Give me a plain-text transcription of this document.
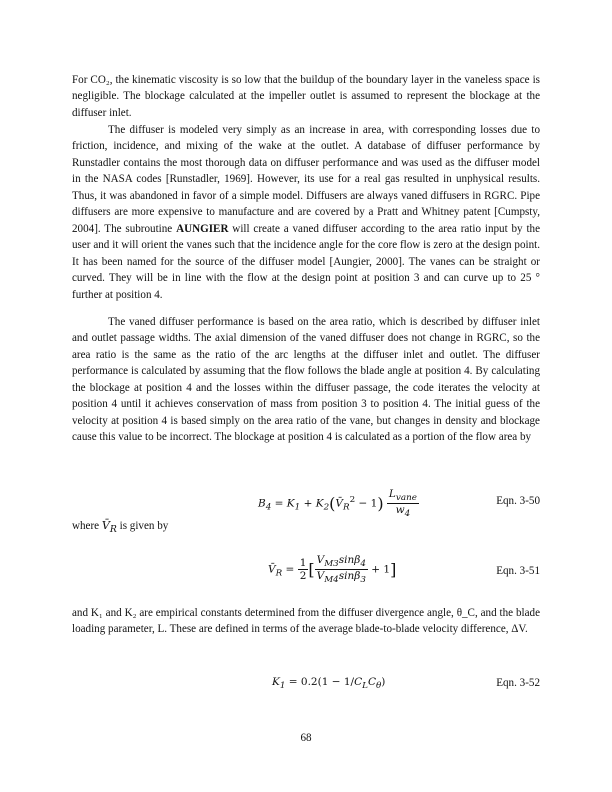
For CO₂, the kinematic viscosity is so low that the buildup of the boundary layer in the vaneless space is negligible. The blockage calculated at the impeller outlet is assumed to represent the blockage at the diffuser inlet.

The diffuser is modeled very simply as an increase in area, with corresponding losses due to friction, incidence, and mixing of the wake at the outlet. A database of diffuser performance by Runstadler contains the most thorough data on diffuser performance and was used as the diffuser model in the NASA codes [Runstadler, 1969]. However, its use for a real gas resulted in unphysical results. Thus, it was abandoned in favor of a simple model. Diffusers are always vaned diffusers in RGRC. Pipe diffusers are more expensive to manufacture and are covered by a Pratt and Whitney patent [Cumpsty, 2004]. The subroutine AUNGIER will create a vaned diffuser according to the area ratio input by the user and it will orient the vanes such that the incidence angle for the core flow is zero at the design point. It has been named for the source of the diffuser model [Aungier, 2000]. The vanes can be straight or curved. They will be in line with the flow at the design point at position 3 and can curve up to 25 ° further at position 4.

The vaned diffuser performance is based on the area ratio, which is described by diffuser inlet and outlet passage widths. The axial dimension of the vaned diffuser does not change in RGRC, so the area ratio is the same as the ratio of the arc lengths at the diffuser inlet and outlet. The diffuser performance is calculated by assuming that the flow follows the blade angle at position 4. By calculating the blockage at position 4 and the losses within the diffuser passage, the code iterates the velocity at position 4 until it achieves conservation of mass from position 3 to position 4. The initial guess of the velocity at position 4 is based simply on the area ratio of the vane, but changes in density and blockage cause this value to be incorrect. The blockage at position 4 is calculated as a portion of the flow area by

$B_4 = K_1$ + $K_2(V̄_R^2 - 1) \frac{L_{vane}}{w_4}$	Eqn. 3-50
where $V̄_R$ is given by
$V̄_R = \frac{1}{2}$ [ $\frac{V_{M3}\sin\beta_4}{V_{M4}\sin\beta_3} + 1$]	Eqn. 3-51

and K₁ and K₂ are empirical constants determined from the diffuser divergence angle, θ_C, and the blade loading parameter, L. These are defined in terms of the average blade-to-blade velocity difference, ΔV.

$K_1 = 0.2(1 - 1/C_LC_\theta)$	Eqn. 3-52
68
